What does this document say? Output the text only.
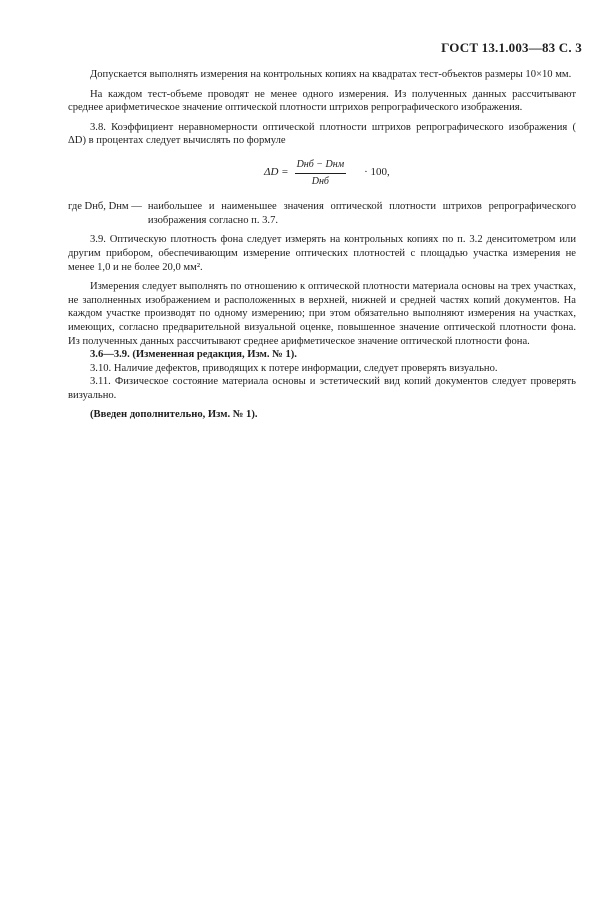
ГОСТ 13.1.003—83 С. 3

Допускается выполнять измерения на контрольных копиях на квадратах тест-объектов размеры 10×10 мм.

На каждом тест-объеме проводят не менее одного измерения. Из полученных данных рассчитывают среднее арифметическое значение оптической плотности штрихов репрографического изображения.

3.8. Коэффициент неравномерности оптической плотности штрихов репрографического изображения ( ΔD) в процентах следует вычислять по формуле

$\Delta D = \frac{\text{Dнб − Dнм}}{\text{Dнб}} \cdot 100$,
где Dнб, Dнм — наибольшее и наименьшее значения оптической плотности штрихов репрографического изображения согласно п. 3.7.

3.9. Оптическую плотность фона следует измерять на контрольных копиях по п. 3.2 денситометром или другим прибором, обеспечивающим измерение оптических плотностей с площадью участка измерения не менее 1,0 и не более 20,0 мм².

Измерения следует выполнять по отношению к оптической плотности материала основы на трех участках, не заполненных изображением и расположенных в верхней, нижней и средней частях копий документов. На каждом участке производят по одному измерению; при этом обязательно выполняют измерения на участках, имеющих, согласно предварительной визуальной оценке, повышенное значение оптической плотности фона. Из полученных данных рассчитывают среднее арифметическое значение оптической плотности фона.

3.6—3.9. (Измененная редакция, Изм. № 1).

3.10. Наличие дефектов, приводящих к потере информации, следует проверять визуально.

3.11. Физическое состояние материала основы и эстетический вид копий документов следует проверять визуально.

(Введен дополнительно, Изм. № 1).
